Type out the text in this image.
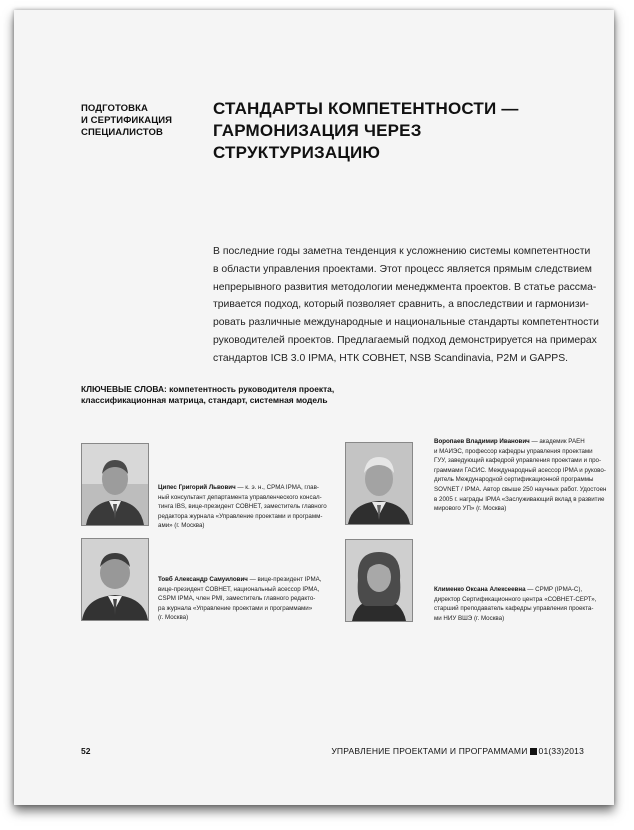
ПОДГОТОВКА
И СЕРТИФИКАЦИЯ
СПЕЦИАЛИСТОВ
СТАНДАРТЫ КОМПЕТЕНТНОСТИ —
ГАРМОНИЗАЦИЯ ЧЕРЕЗ СТРУКТУРИЗАЦИЮ
В последние годы заметна тенденция к усложнению системы компетентности
в области управления проектами. Этот процесс является прямым следствием
непрерывного развития методологии менеджмента проектов. В статье рассма-
тривается подход, который позволяет сравнить, а впоследствии и гармонизи-
ровать различные международные и национальные стандарты компетентности
руководителей проектов. Предлагаемый подход демонстрируется на примерах
стандартов ICB 3.0 IPMA, НТК СОВНЕТ, NSB Scandinavia, P2M и GAPPS.
КЛЮЧЕВЫЕ СЛОВА: компетентность руководителя проекта,
классификационная матрица, стандарт, системная модель
Ципес Григорий Львович — к. э. н., CPMA IPMA, глав-
ный консультант департамента управленческого консал-
тинга IBS, вице-президент СОВНЕТ, заместитель главного
редактора журнала «Управление проектами и программ-
ами» (г. Москва)
Воропаев Владимир Иванович — академик РАЕН
и МАИЭС, профессор кафедры управления проектами
ГУУ, заведующий кафедрой управления проектами и про-
граммами ГАСИС. Международный асессор IPMA и руково-
дитель Международной сертификационной программы
SOVNET / IPMA. Автор свыше 250 научных работ. Удостоен
в 2005 г. награды IPMA «Заслуживающий вклад в развитие
мирового УП» (г. Москва)
Товб Александр Самуилович — вице-президент IPMA,
вице-президент СОВНЕТ, национальный асессор IPMA,
CSPM IPMA, член PMI, заместитель главного редакто-
ра журнала «Управление проектами и программами»
(г. Москва)
Клименко Оксана Алексеевна — CPMP (IPMA-C),
директор Сертификационного центра «СОВНЕТ-СЕРТ»,
старший преподаватель кафедры управления проекта-
ми НИУ ВШЭ (г. Москва)
52	УПРАВЛЕНИЕ ПРОЕКТАМИ И ПРОГРАММАМИ 01(33)2013
